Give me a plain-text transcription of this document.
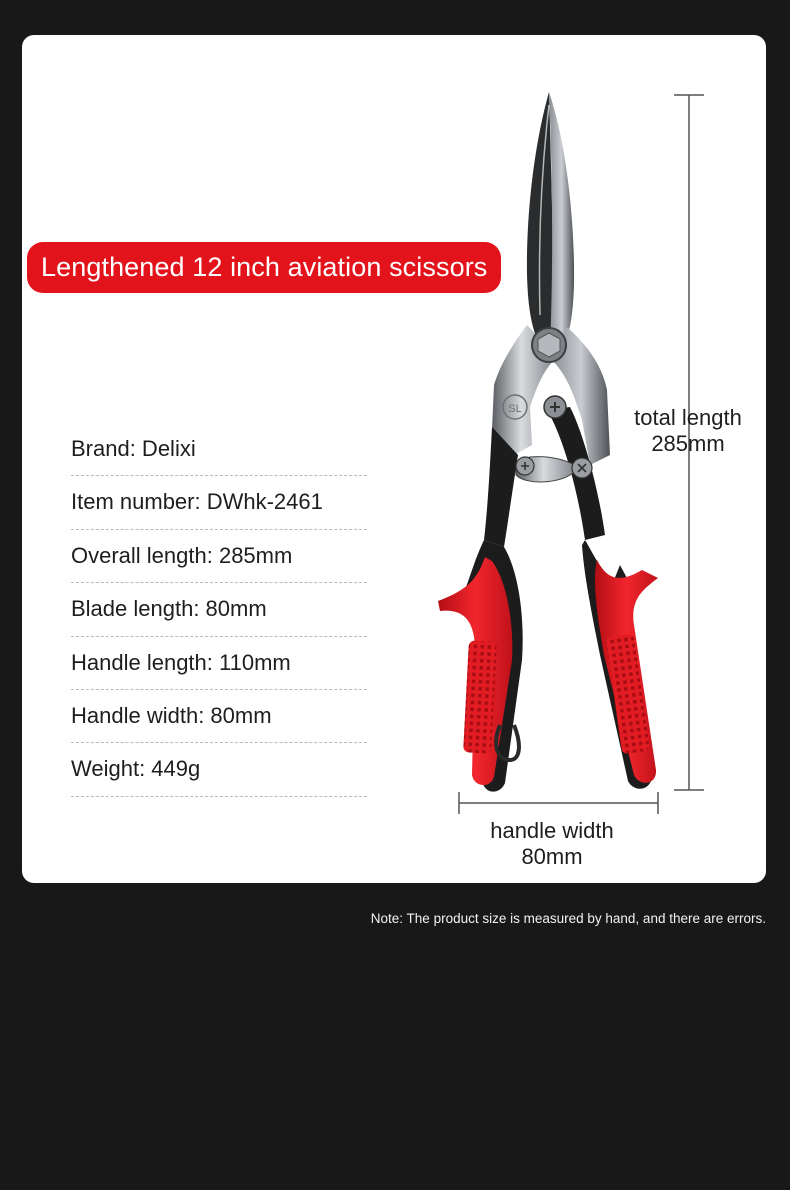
SL
Lengthened 12 inch aviation scissors
Brand: Delixi
Item number: DWhk-2461
Overall length: 285mm
Blade length: 80mm
Handle length: 110mm
Handle width: 80mm
Weight: 449g
total length
285mm
handle width
80mm
Note: The product size is measured by hand, and there are errors.
